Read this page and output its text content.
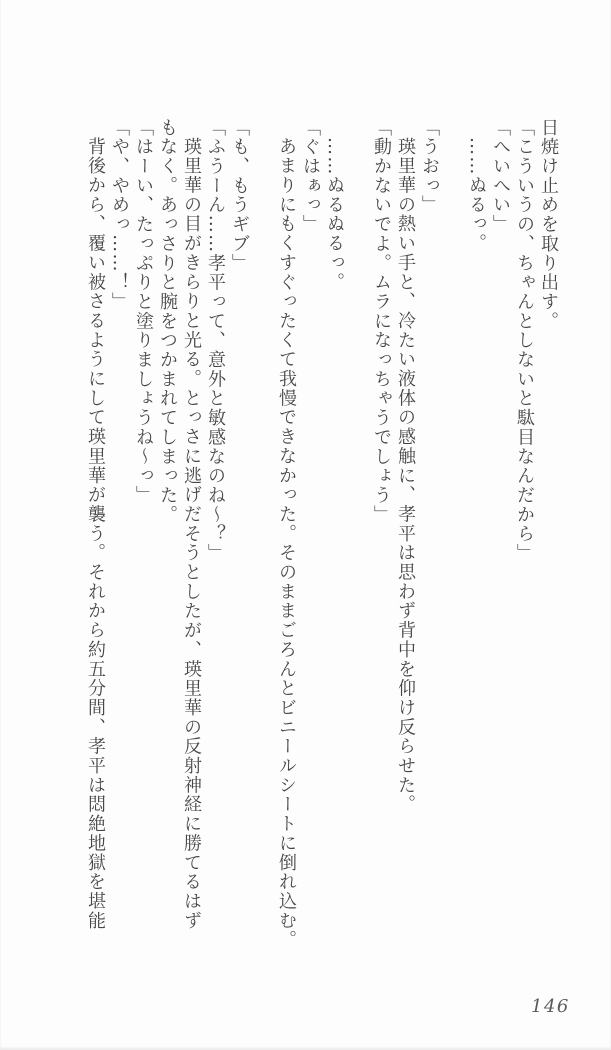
日焼け止めを取り出す。

「こういうの、ちゃんとしないと駄目なんだから」

「へいへい」

……ぬるっ。

「うおっ」

瑛里華の熱い手と、冷たい液体の感触に、孝平は思わず背中を仰け反らせた。

「動かないでよ。ムラになっちゃうでしょう」

……ぬるぬるっ。

「ぐはぁっ」

あまりにもくすぐったくて我慢できなかった。そのままごろんとビニールシートに倒れ込む。

「も、もうギブ」

「ふうーん……孝平って、意外と敏感なのね〜？」

瑛里華の目がきらりと光る。とっさに逃げだそうとしたが、瑛里華の反射神経に勝てるはず

もなく。あっさりと腕をつかまれてしまった。

「はーい、たっぷりと塗りましょうね〜っ」

「や、やめっ……！」

背後から、覆い被さるようにして瑛里華が襲う。それから約五分間、孝平は悶絶地獄を堪能

146
